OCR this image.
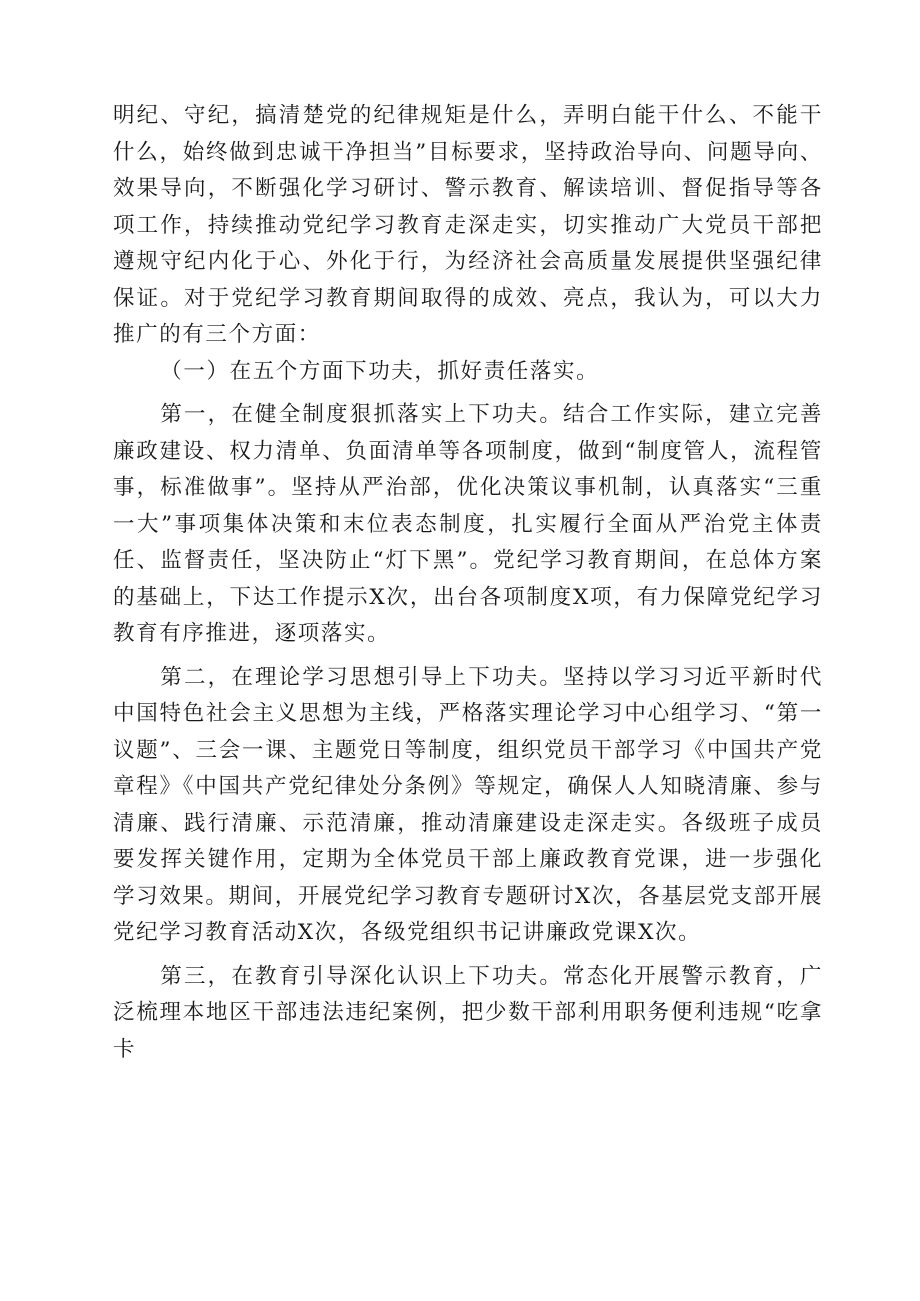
明纪、守纪，搞清楚党的纪律规矩是什么，弄明白能干什么、不能干什么，始终做到忠诚干净担当”目标要求，坚持政治导向、问题导向、效果导向，不断强化学习研讨、警示教育、解读培训、督促指导等各项工作，持续推动党纪学习教育走深走实，切实推动广大党员干部把遵规守纪内化于心、外化于行，为经济社会高质量发展提供坚强纪律保证。对于党纪学习教育期间取得的成效、亮点，我认为，可以大力推广的有三个方面：

（一）在五个方面下功夫，抓好责任落实。

第一，在健全制度狠抓落实上下功夫。结合工作实际，建立完善廉政建设、权力清单、负面清单等各项制度，做到“制度管人，流程管事，标准做事”。坚持从严治部，优化决策议事机制，认真落实“三重一大”事项集体决策和末位表态制度，扎实履行全面从严治党主体责任、监督责任，坚决防止“灯下黑”。党纪学习教育期间，在总体方案的基础上，下达工作提示X次，出台各项制度X项，有力保障党纪学习教育有序推进，逐项落实。

第二，在理论学习思想引导上下功夫。坚持以学习习近平新时代中国特色社会主义思想为主线，严格落实理论学习中心组学习、“第一议题”、三会一课、主题党日等制度，组织党员干部学习《中国共产党章程》《中国共产党纪律处分条例》等规定，确保人人知晓清廉、参与清廉、践行清廉、示范清廉，推动清廉建设走深走实。各级班子成员要发挥关键作用，定期为全体党员干部上廉政教育党课，进一步强化学习效果。期间，开展党纪学习教育专题研讨X次，各基层党支部开展党纪学习教育活动X次，各级党组织书记讲廉政党课X次。

第三，在教育引导深化认识上下功夫。常态化开展警示教育，广泛梳理本地区干部违法违纪案例，把少数干部利用职务便利违规“吃拿卡
